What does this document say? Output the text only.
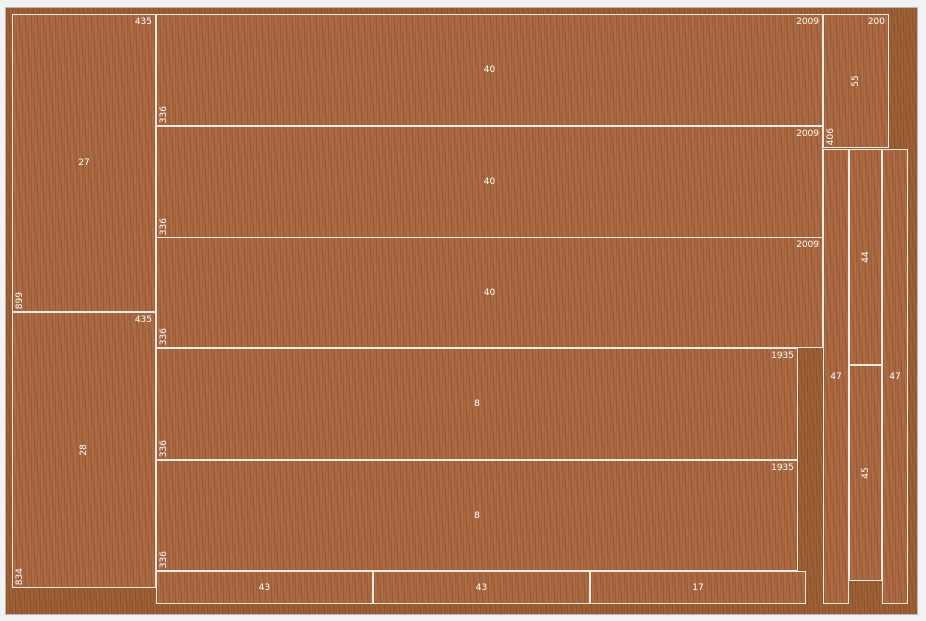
27
435
899
28
435
834
40
2009
336
40
2009
336
40
2009
336
8
1935
336
8
1935
336
43	43	17
55
200
406
47
44
45
47
